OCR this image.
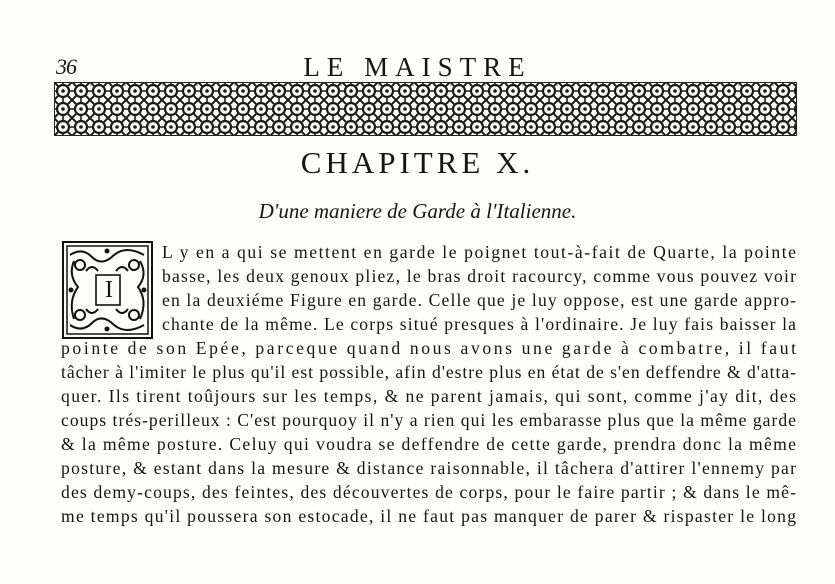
36	LE MAISTRE
CHAPITRE X.
D'une maniere de Garde à l'Italienne.
I
L y en a qui se mettent en garde le poignet tout-à-fait de Quarte, la pointe
basse, les deux genoux pliez, le bras droit racourcy, comme vous pouvez voir
en la deuxiéme Figure en garde. Celle que je luy oppose, est une garde appro-
chante de la même. Le corps situé presques à l'ordinaire. Je luy fais baisser la
pointe de son Epée, parceque quand nous avons une garde à combatre, il faut
tâcher à l'imiter le plus qu'il est possible, afin d'estre plus en état de s'en deffendre & d'atta-
quer. Ils tirent toûjours sur les temps, & ne parent jamais, qui sont, comme j'ay dit, des
coups trés-perilleux : C'est pourquoy il n'y a rien qui les embarasse plus que la même garde
& la même posture. Celuy qui voudra se deffendre de cette garde, prendra donc la même
posture, & estant dans la mesure & distance raisonnable, il tâchera d'attirer l'ennemy par
des demy-coups, des feintes, des découvertes de corps, pour le faire partir ; & dans le mê-
me temps qu'il poussera son estocade, il ne faut pas manquer de parer & rispaster le long
